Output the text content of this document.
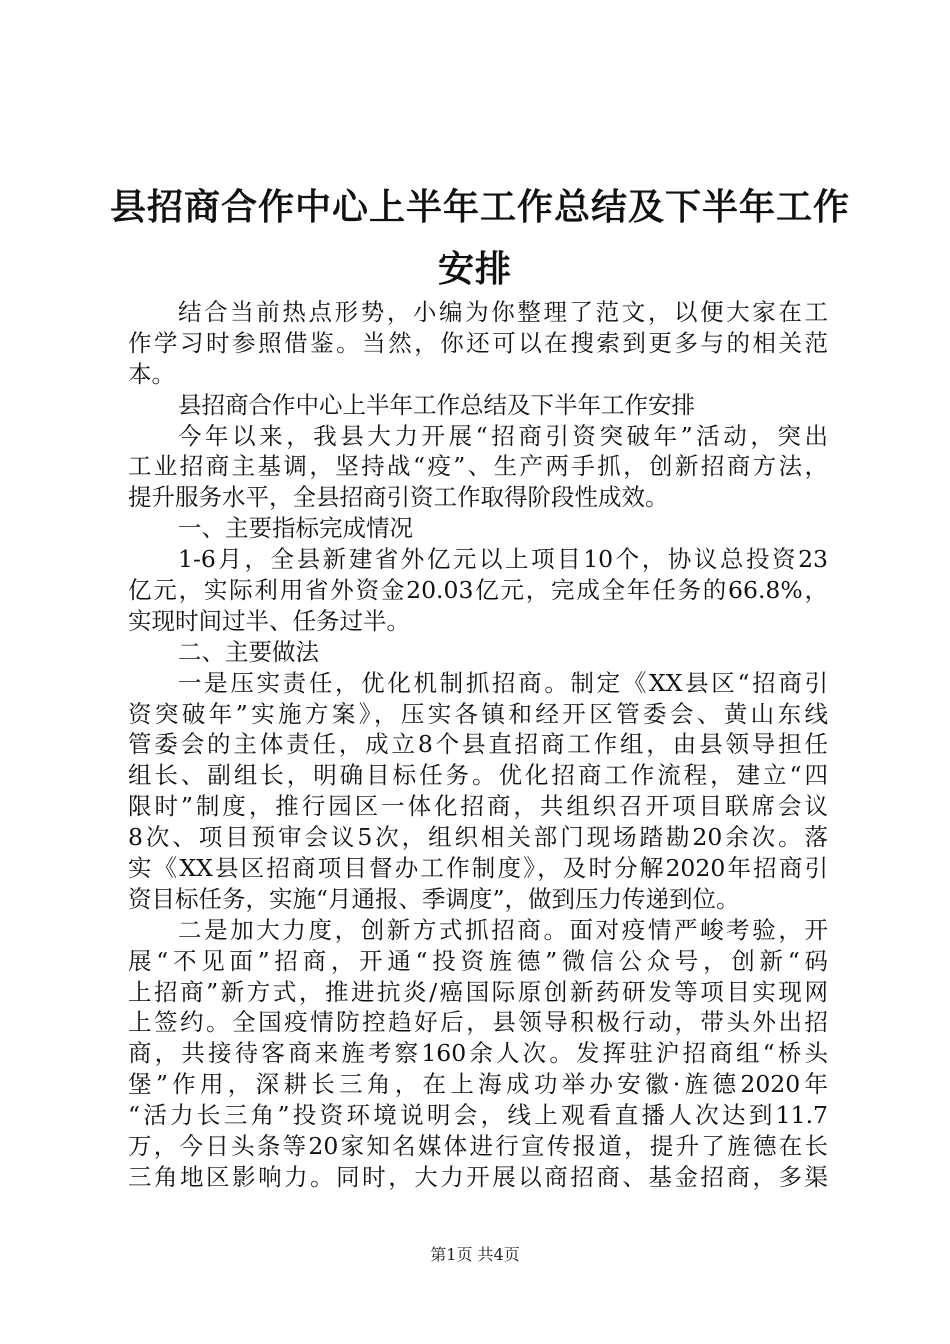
县招商合作中心上半年工作总结及下半年工作
安排
结合当前热点形势，小编为你整理了范文，以便大家在工
作学习时参照借鉴。当然，你还可以在搜索到更多与的相关范
本。
县招商合作中心上半年工作总结及下半年工作安排
今年以来，我县大力开展“招商引资突破年”活动，突出
工业招商主基调，坚持战“疫”、生产两手抓，创新招商方法，
提升服务水平，全县招商引资工作取得阶段性成效。
一、主要指标完成情况
1-6月，全县新建省外亿元以上项目10个，协议总投资23
亿元，实际利用省外资金20.03亿元，完成全年任务的66.8%，
实现时间过半、任务过半。
二、主要做法
一是压实责任，优化机制抓招商。制定《XX县区“招商引
资突破年”实施方案》，压实各镇和经开区管委会、黄山东线
管委会的主体责任，成立8个县直招商工作组，由县领导担任
组长、副组长，明确目标任务。优化招商工作流程，建立“四
限时”制度，推行园区一体化招商，共组织召开项目联席会议
8次、项目预审会议5次，组织相关部门现场踏勘20余次。落
实《XX县区招商项目督办工作制度》，及时分解2020年招商引
资目标任务，实施“月通报、季调度”，做到压力传递到位。
二是加大力度，创新方式抓招商。面对疫情严峻考验，开
展“不见面”招商，开通“投资旌德”微信公众号，创新“码
上招商”新方式，推进抗炎/癌国际原创新药研发等项目实现网
上签约。全国疫情防控趋好后，县领导积极行动，带头外出招
商，共接待客商来旌考察160余人次。发挥驻沪招商组“桥头
堡”作用，深耕长三角，在上海成功举办安徽·旌德2020年
“活力长三角”投资环境说明会，线上观看直播人次达到11.7
万，今日头条等20家知名媒体进行宣传报道，提升了旌德在长
三角地区影响力。同时，大力开展以商招商、基金招商，多渠
第1页 共4页
